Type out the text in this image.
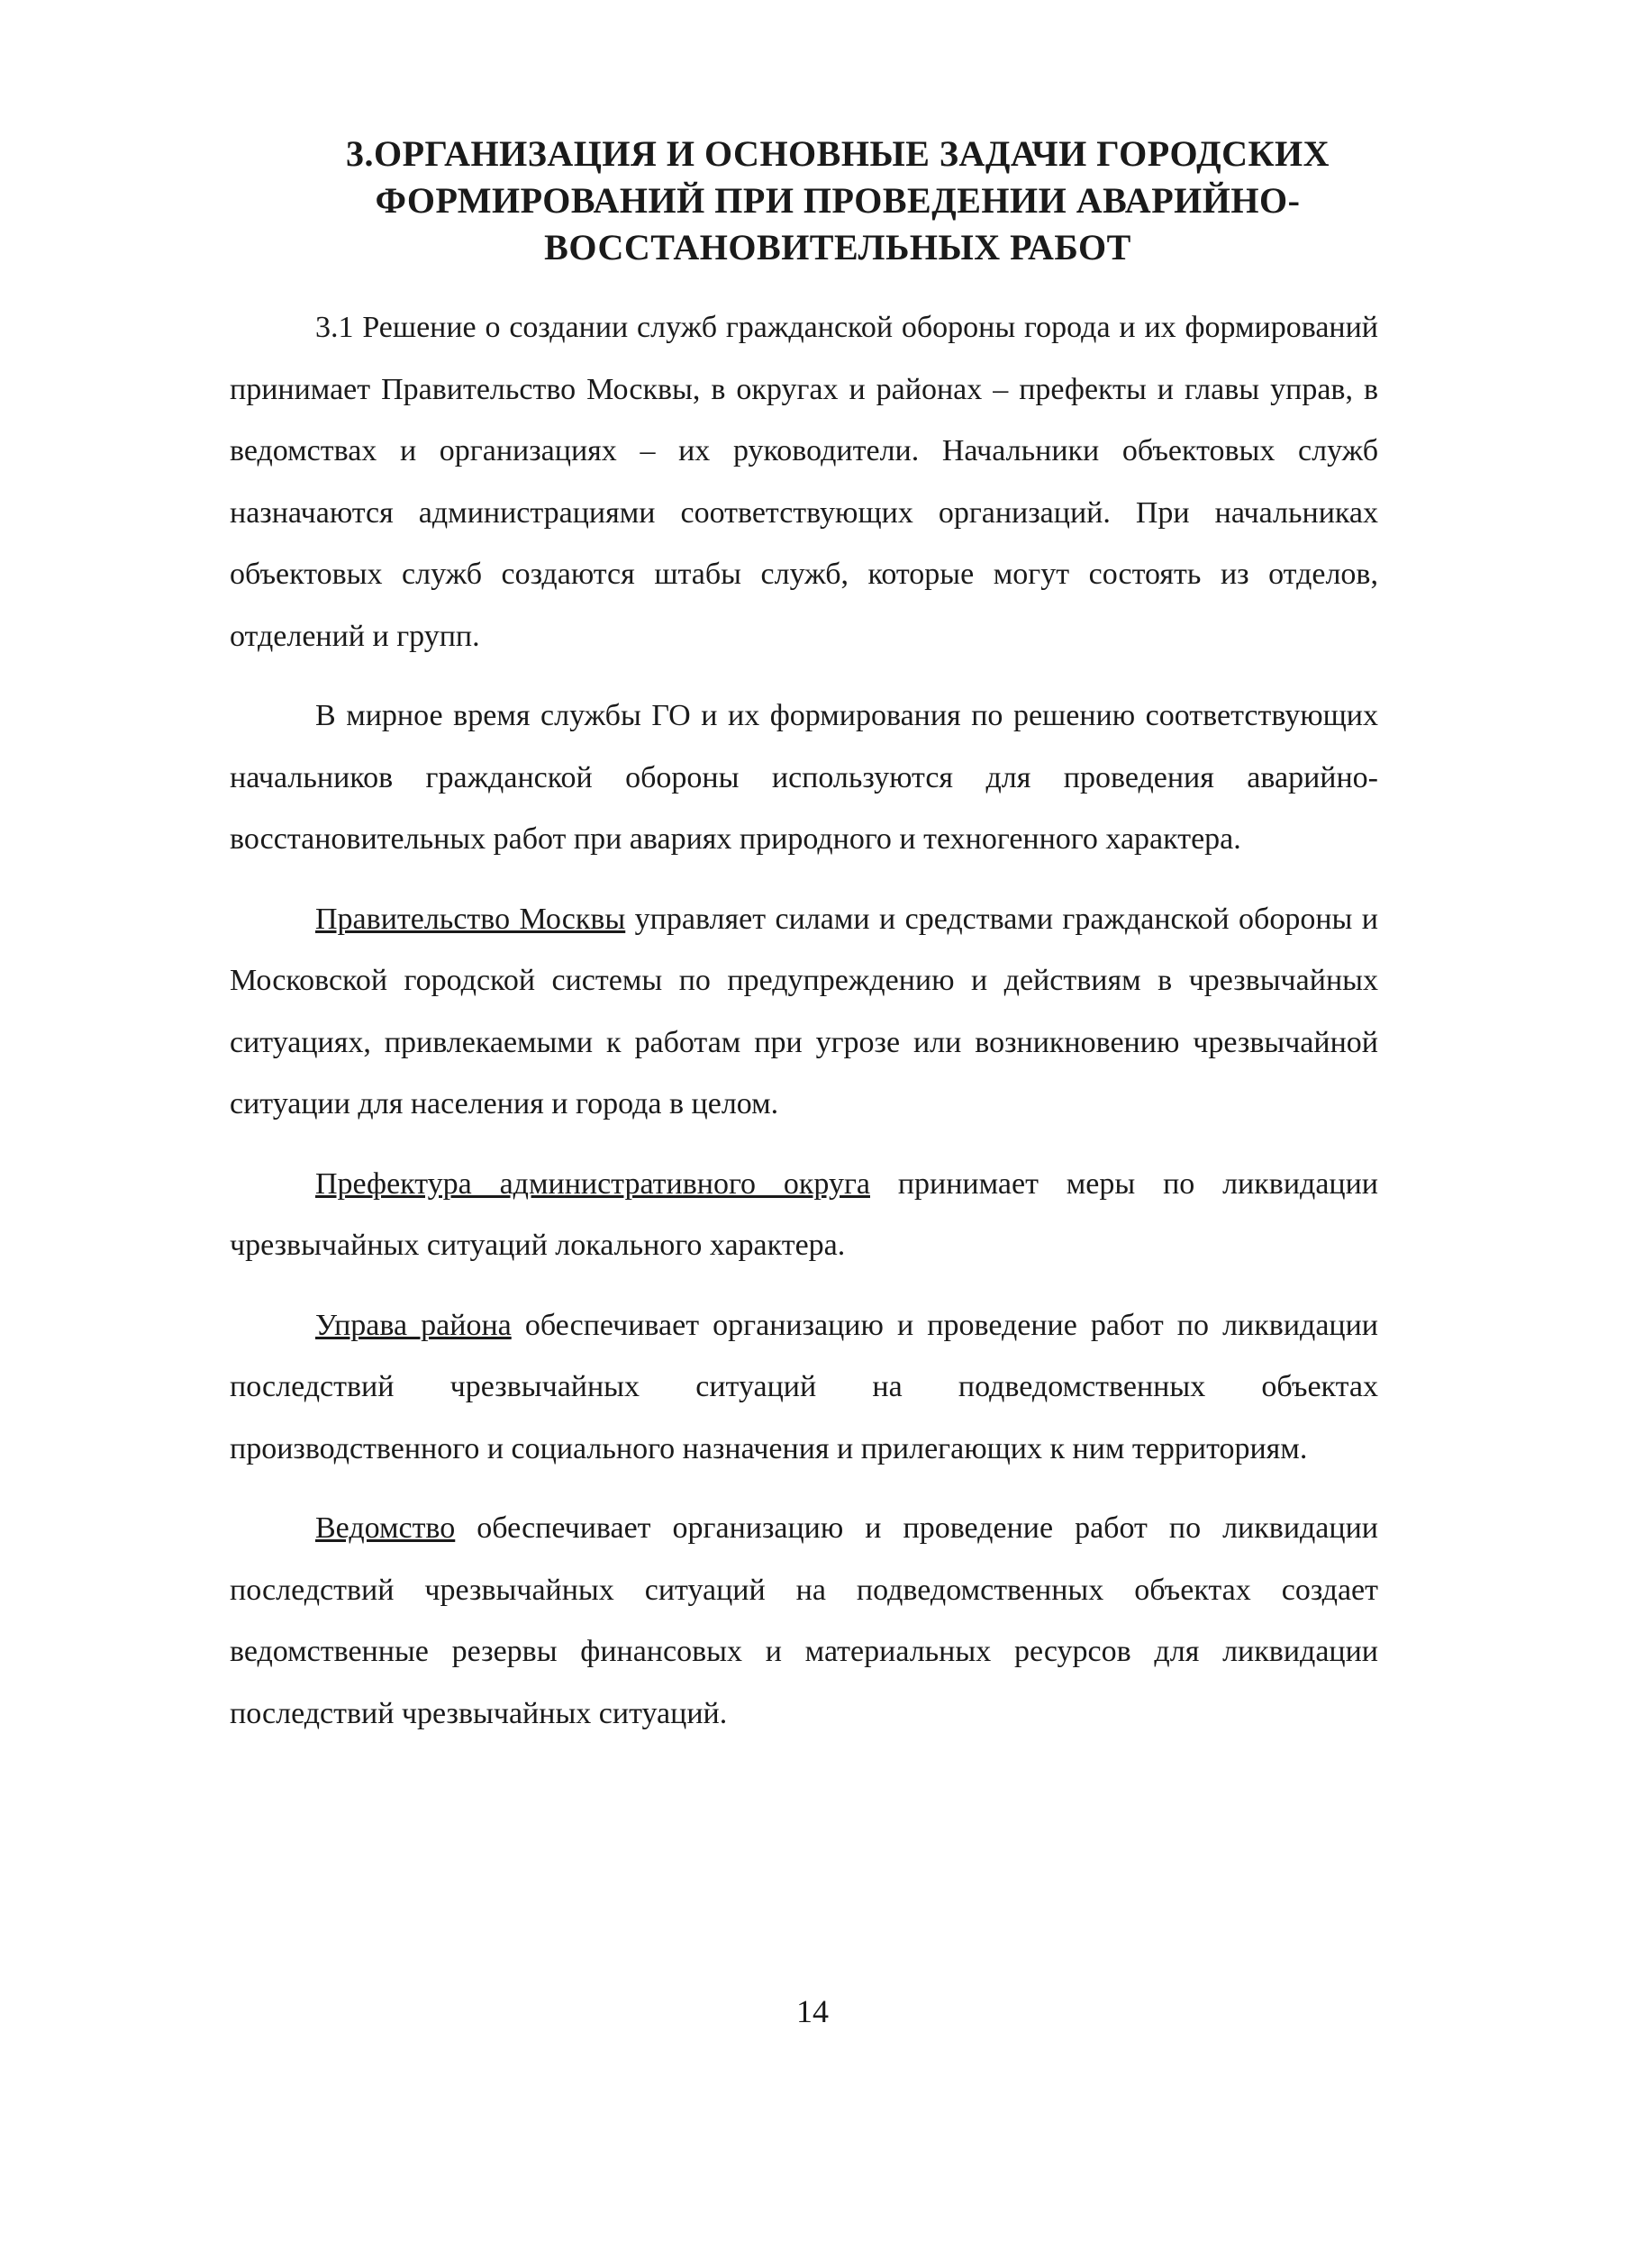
3.ОРГАНИЗАЦИЯ И ОСНОВНЫЕ ЗАДАЧИ ГОРОДСКИХ
ФОРМИРОВАНИЙ ПРИ ПРОВЕДЕНИИ АВАРИЙНО-
ВОССТАНОВИТЕЛЬНЫХ РАБОТ

3.1 Решение о создании служб гражданской обороны города и их формирований принимает Правительство Москвы, в округах и районах – префекты и главы управ, в ведомствах и организациях – их руководители. Начальники объектовых служб назначаются администрациями соответствующих организаций. При начальниках объектовых служб создаются штабы служб, которые могут состоять из отделов, отделений и групп.

В мирное время службы ГО и их формирования по решению соответствующих начальников гражданской обороны используются для проведения аварийно-восстановительных работ при авариях природного и техногенного характера.

Правительство Москвы управляет силами и средствами гражданской обороны и Московской городской системы по предупреждению и действиям в чрезвычайных ситуациях, привлекаемыми к работам при угрозе или возникновению чрезвычайной ситуации для населения и города в целом.

Префектура административного округа принимает меры по ликвидации чрезвычайных ситуаций локального характера.

Управа района обеспечивает организацию и проведение работ по ликвидации последствий чрезвычайных ситуаций на подведомственных объектах производственного и социального назначения и прилегающих к ним территориям.

Ведомство обеспечивает организацию и проведение работ по ликвидации последствий чрезвычайных ситуаций на подведомственных объектах создает ведомственные резервы финансовых и материальных ресурсов для ликвидации последствий чрезвычайных ситуаций.

14
